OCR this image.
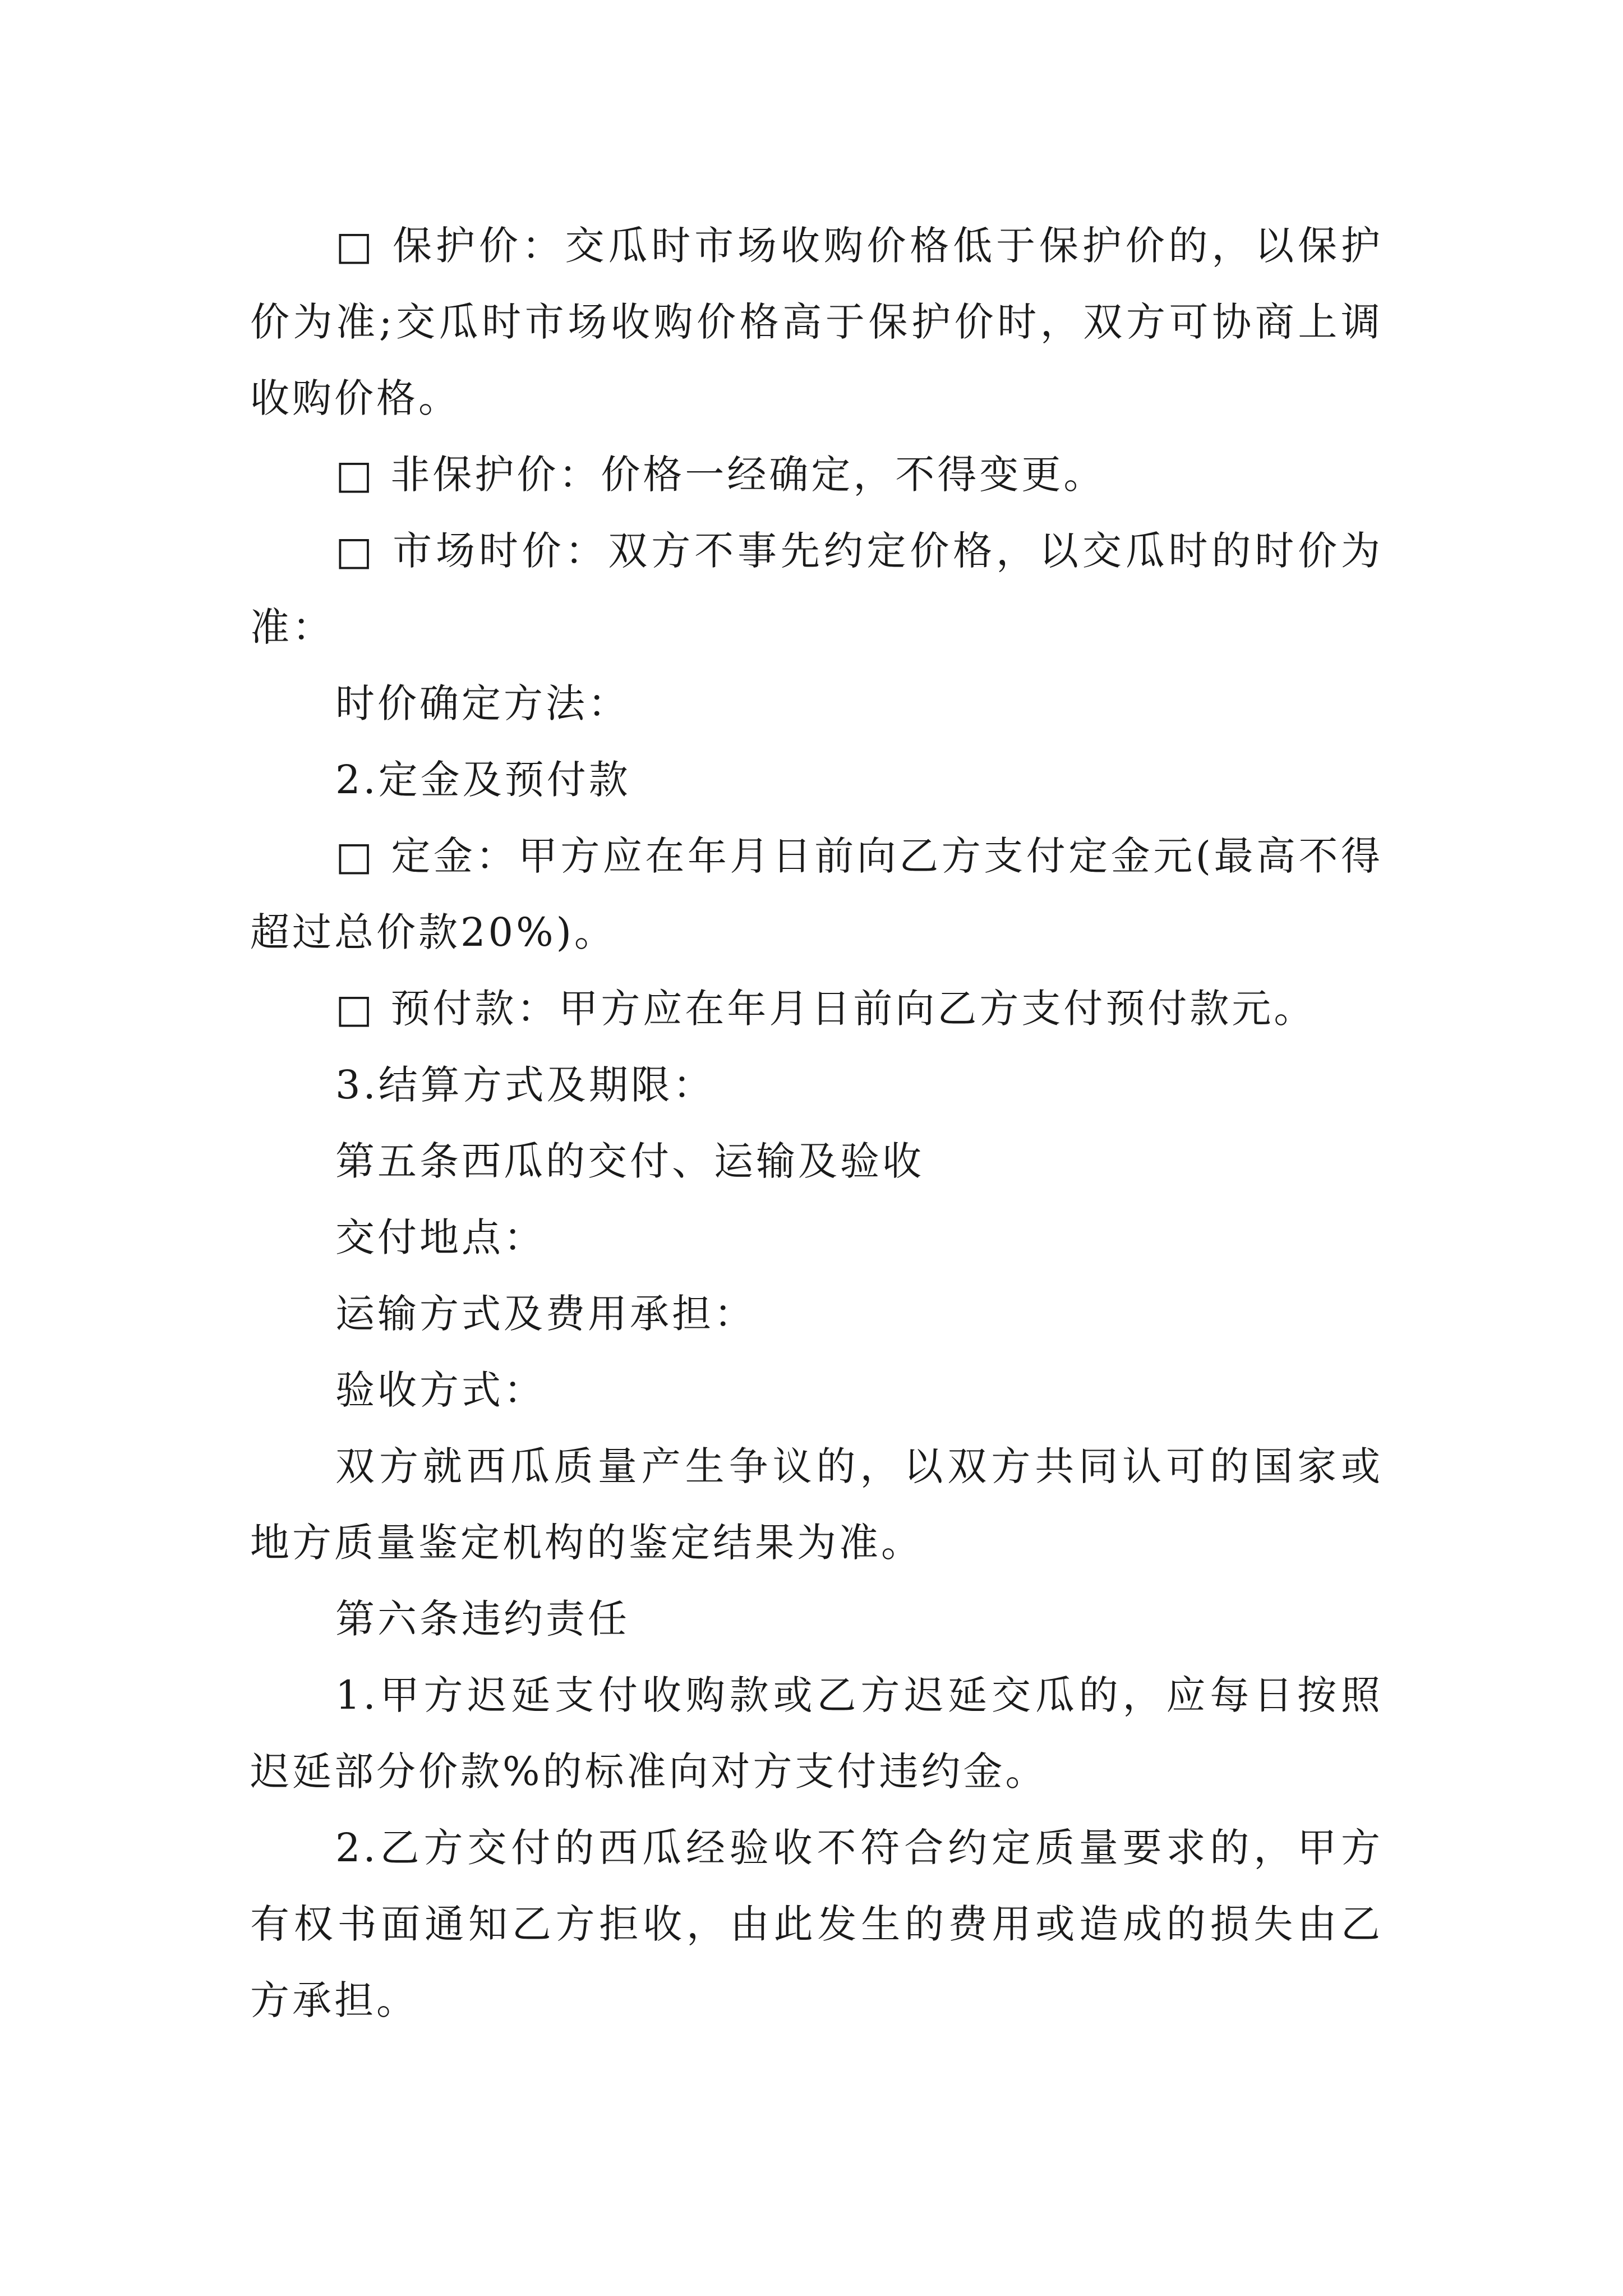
□ 保护价：交瓜时市场收购价格低于保护价的，以保护价为准;交瓜时市场收购价格高于保护价时，双方可协商上调收购价格。

□ 非保护价：价格一经确定，不得变更。

□ 市场时价：双方不事先约定价格，以交瓜时的时价为准：

时价确定方法：

2.定金及预付款

□ 定金：甲方应在年月日前向乙方支付定金元(最高不得超过总价款20%)。

□ 预付款：甲方应在年月日前向乙方支付预付款元。

3.结算方式及期限：

第五条西瓜的交付、运输及验收

交付地点：

运输方式及费用承担：

验收方式：

双方就西瓜质量产生争议的，以双方共同认可的国家或地方质量鉴定机构的鉴定结果为准。

第六条违约责任

1.甲方迟延支付收购款或乙方迟延交瓜的，应每日按照迟延部分价款%的标准向对方支付违约金。

2.乙方交付的西瓜经验收不符合约定质量要求的，甲方有权书面通知乙方拒收，由此发生的费用或造成的损失由乙方承担。
